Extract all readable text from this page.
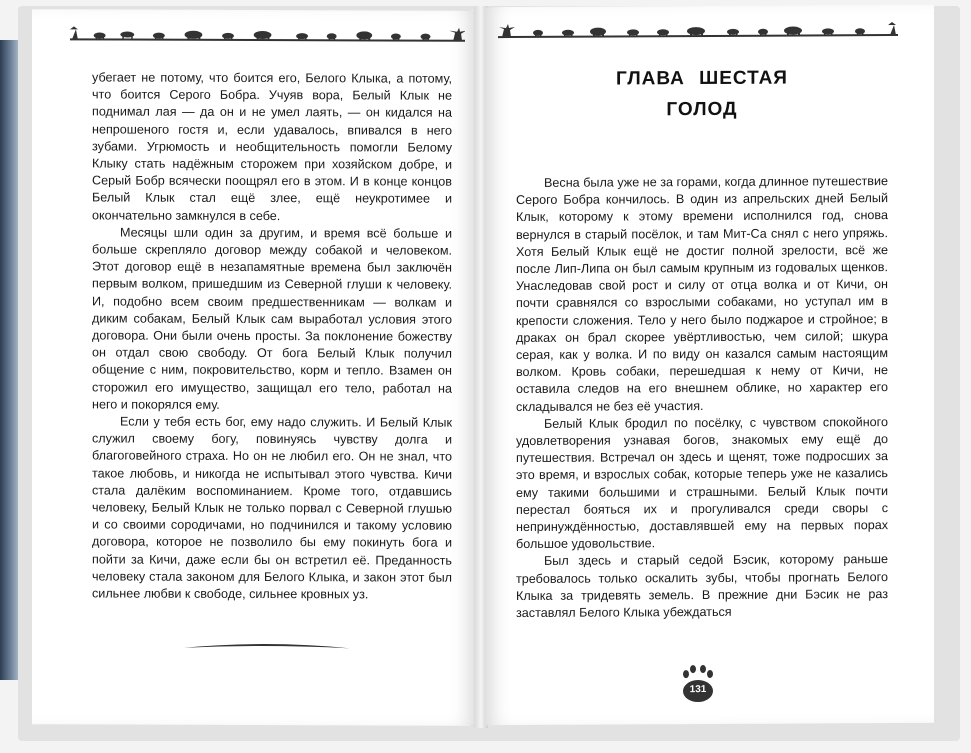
убегает не потому, что боится его, Белого Клыка, а потому, что боится Серого Бобра. Учуяв вора, Белый Клык не поднимал лая — да он и не умел лаять, — он кидался на непрошеного гостя и, если удавалось, впивался в него зубами. Угрюмость и необщительность помогли Белому Клыку стать надёжным сторожем при хозяйском добре, и Серый Бобр всячески поощрял его в этом. И в конце концов Белый Клык стал ещё злее, ещё неукротимее и окончательно замкнулся в себе.

Месяцы шли один за другим, и время всё больше и больше скрепляло договор между собакой и человеком. Этот договор ещё в незапамятные времена был заключён первым волком, пришедшим из Северной глуши к человеку. И, подобно всем своим предшественникам — волкам и диким собакам, Белый Клык сам выработал условия этого договора. Они были очень просты. За поклонение божеству он отдал свою свободу. От бога Белый Клык получил общение с ним, покровительство, корм и тепло. Взамен он сторожил его имущество, защищал его тело, работал на него и покорялся ему.

Если у тебя есть бог, ему надо служить. И Белый Клык служил своему богу, повинуясь чувству долга и благоговейного страха. Но он не любил его. Он не знал, что такое любовь, и никогда не испытывал этого чувства. Кичи стала далёким воспоминанием. Кроме того, отдавшись человеку, Белый Клык не только порвал с Северной глушью и со своими сородичами, но подчинился и такому условию договора, которое не позволило бы ему покинуть бога и пойти за Кичи, даже если бы он встретил её. Преданность человеку стала законом для Белого Клыка, и закон этот был сильнее любви к свободе, сильнее кровных уз.

ГЛАВА ШЕСТАЯ
ГОЛОД

Весна была уже не за горами, когда длинное путешествие Серого Бобра кончилось. В один из апрельских дней Белый Клык, которому к этому времени исполнился год, снова вернулся в старый посёлок, и там Мит-Са снял с него упряжь. Хотя Белый Клык ещё не достиг полной зрелости, всё же после Лип-Липа он был самым крупным из годовалых щенков. Унаследовав свой рост и силу от отца волка и от Кичи, он почти сравнялся со взрослыми собаками, но уступал им в крепости сложения. Тело у него было поджарое и стройное; в драках он брал скорее увёртливостью, чем силой; шкура серая, как у волка. И по виду он казался самым настоящим волком. Кровь собаки, перешедшая к нему от Кичи, не оставила следов на его внешнем облике, но характер его складывался не без её участия.

Белый Клык бродил по посёлку, с чувством спокойного удовлетворения узнавая богов, знакомых ему ещё до путешествия. Встречал он здесь и щенят, тоже подросших за это время, и взрослых собак, которые теперь уже не казались ему такими большими и страшными. Белый Клык почти перестал бояться их и прогуливался среди своры с непринуждённостью, доставлявшей ему на первых порах большое удовольствие.

Был здесь и старый седой Бэсик, которому раньше требовалось только оскалить зубы, чтобы прогнать Белого Клыка за тридевять земель. В прежние дни Бэсик не раз заставлял Белого Клыка убеждаться

131
